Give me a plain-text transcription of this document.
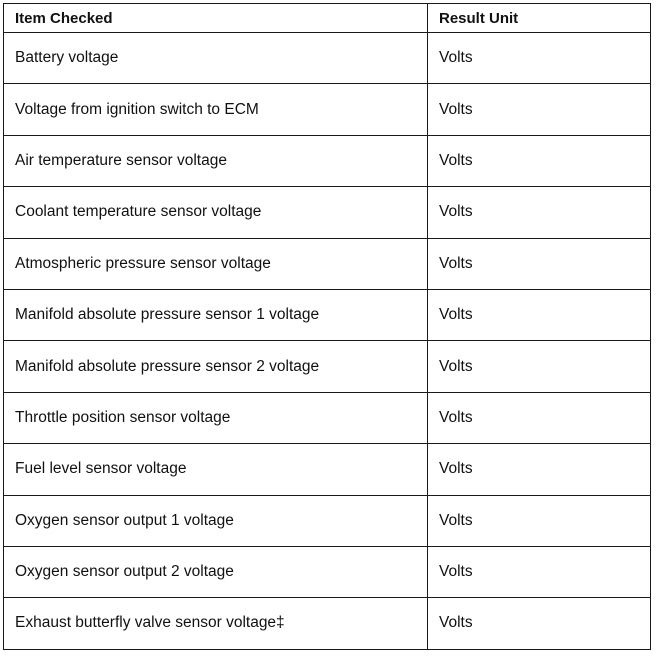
Item Checked	Result Unit
Battery voltage	Volts
Voltage from ignition switch to ECM	Volts
Air temperature sensor voltage	Volts
Coolant temperature sensor voltage	Volts
Atmospheric pressure sensor voltage	Volts
Manifold absolute pressure sensor 1 voltage	Volts
Manifold absolute pressure sensor 2 voltage	Volts
Throttle position sensor voltage	Volts
Fuel level sensor voltage	Volts
Oxygen sensor output 1 voltage	Volts
Oxygen sensor output 2 voltage	Volts
Exhaust butterfly valve sensor voltage‡	Volts
